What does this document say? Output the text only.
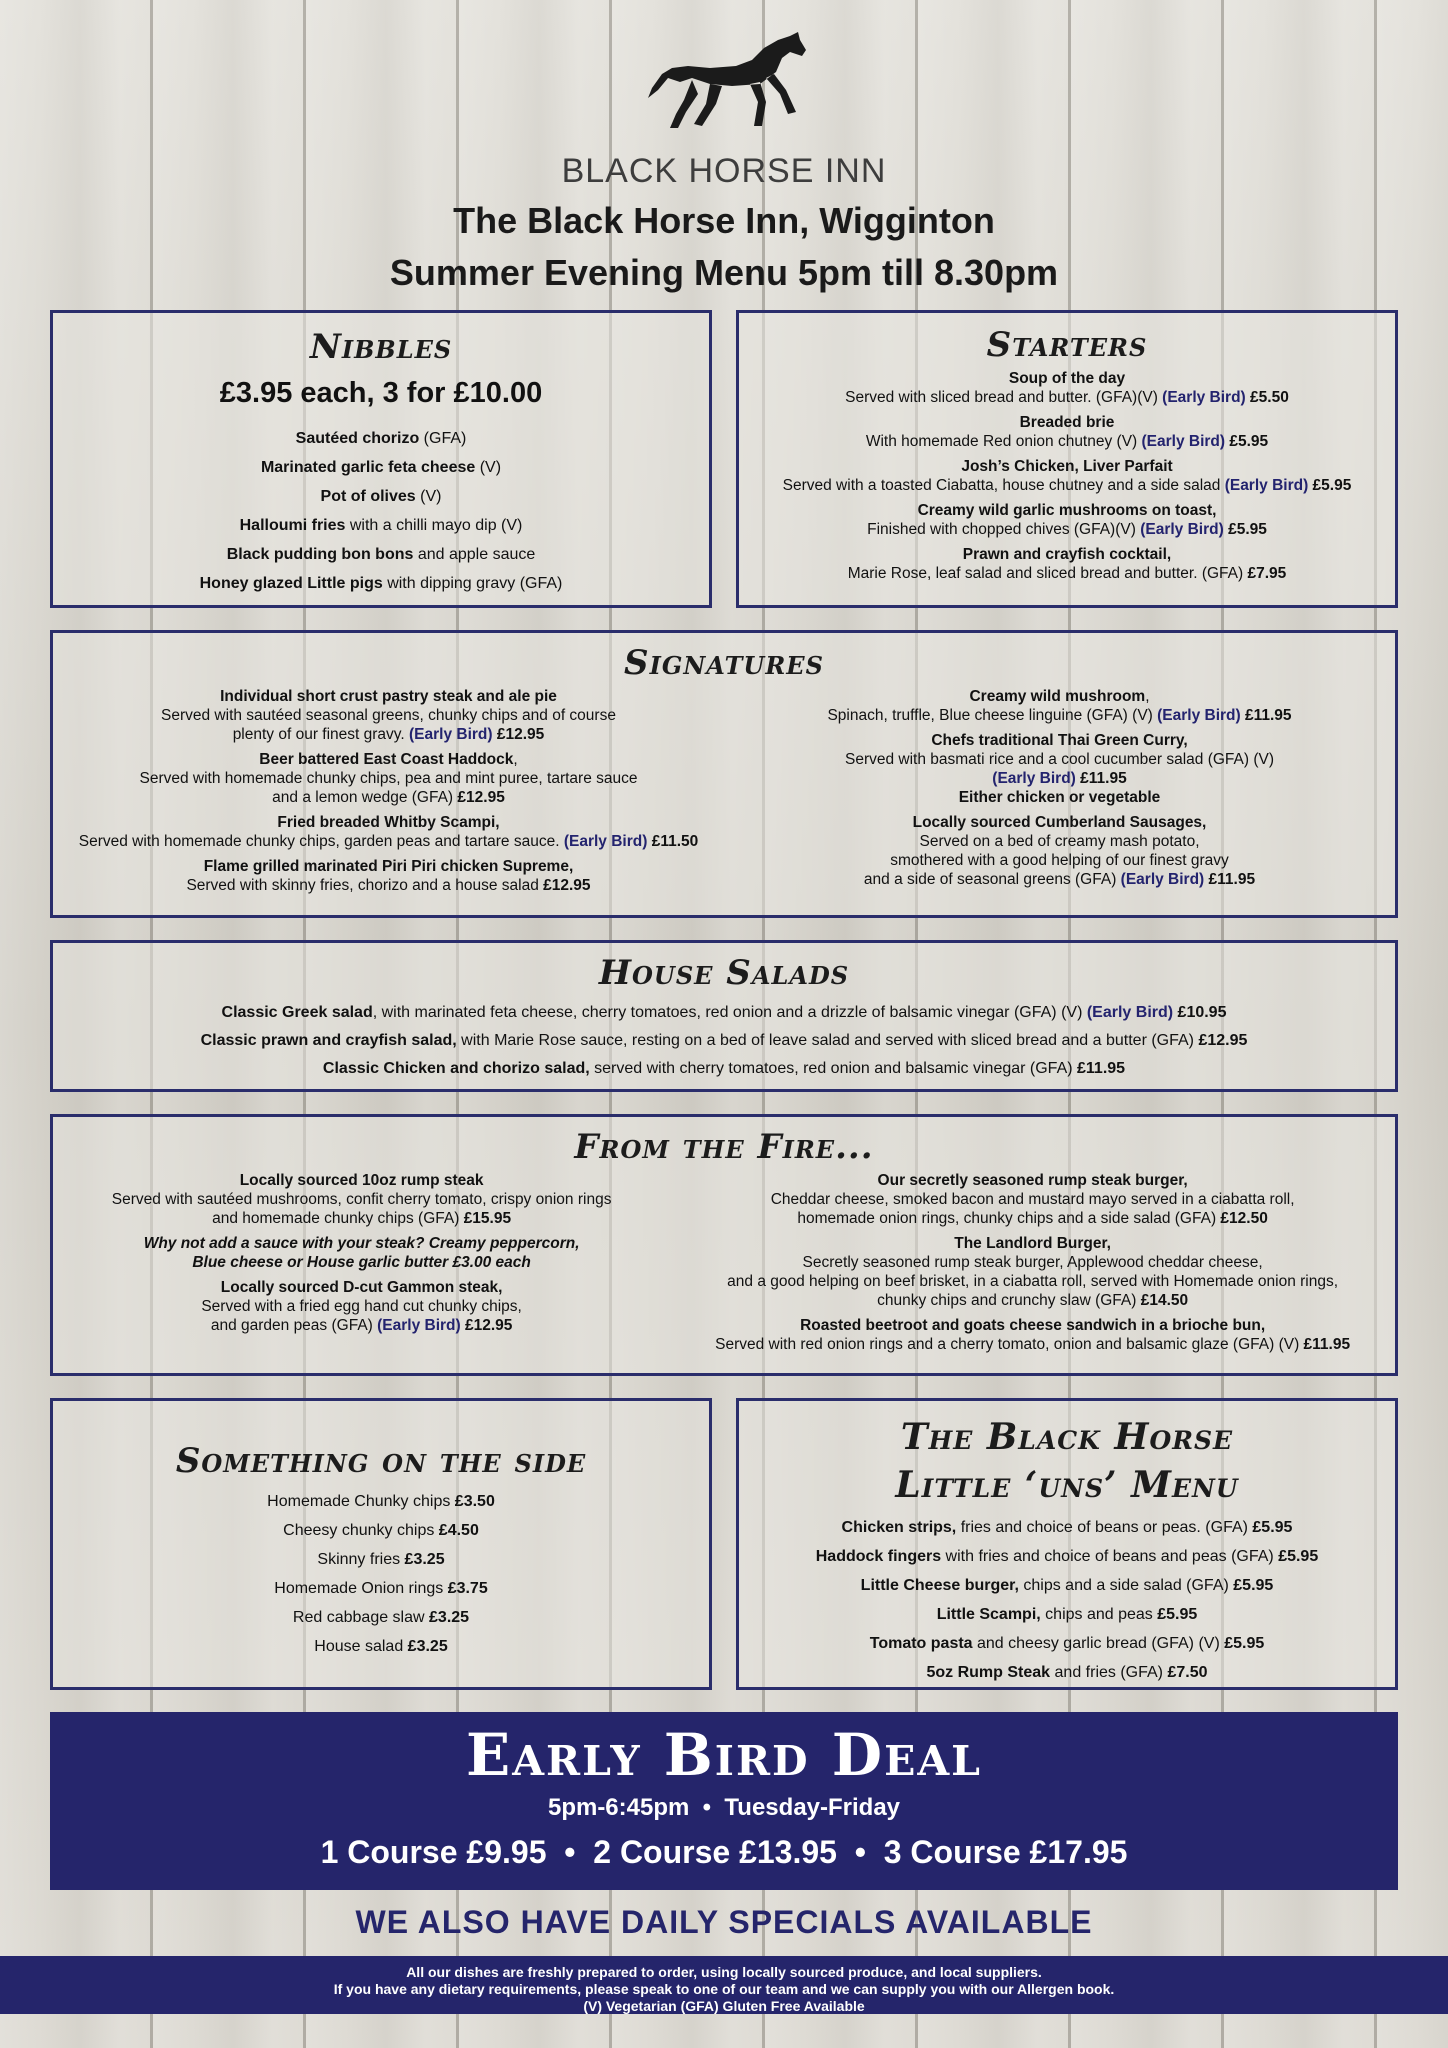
BLACK HORSE INN
The Black Horse Inn, Wigginton
Summer Evening Menu 5pm till 8.30pm
Nibbles
£3.95 each, 3 for £10.00
Sautéed chorizo (GFA)
Marinated garlic feta cheese (V)
Pot of olives (V)
Halloumi fries with a chilli mayo dip (V)
Black pudding bon bons and apple sauce
Honey glazed Little pigs with dipping gravy (GFA)
Starters
Soup of the day
Served with sliced bread and butter. (GFA)(V) (Early Bird) £5.50
Breaded brie
With homemade Red onion chutney (V) (Early Bird) £5.95
Josh’s Chicken, Liver Parfait
Served with a toasted Ciabatta, house chutney and a side salad (Early Bird) £5.95
Creamy wild garlic mushrooms on toast,
Finished with chopped chives (GFA)(V) (Early Bird) £5.95
Prawn and crayfish cocktail,
Marie Rose, leaf salad and sliced bread and butter. (GFA) £7.95
Signatures
Individual short crust pastry steak and ale pie
Served with sautéed seasonal greens, chunky chips and of course
plenty of our finest gravy. (Early Bird) £12.95
Beer battered East Coast Haddock,
Served with homemade chunky chips, pea and mint puree, tartare sauce
and a lemon wedge (GFA) £12.95
Fried breaded Whitby Scampi,
Served with homemade chunky chips, garden peas and tartare sauce. (Early Bird) £11.50
Flame grilled marinated Piri Piri chicken Supreme,
Served with skinny fries, chorizo and a house salad £12.95
Creamy wild mushroom,
Spinach, truffle, Blue cheese linguine (GFA) (V) (Early Bird) £11.95
Chefs traditional Thai Green Curry,
Served with basmati rice and a cool cucumber salad (GFA) (V)
(Early Bird) £11.95
Either chicken or vegetable
Locally sourced Cumberland Sausages,
Served on a bed of creamy mash potato,
smothered with a good helping of our finest gravy
and a side of seasonal greens (GFA) (Early Bird) £11.95
House Salads
Classic Greek salad, with marinated feta cheese, cherry tomatoes, red onion and a drizzle of balsamic vinegar (GFA) (V) (Early Bird) £10.95
Classic prawn and crayfish salad, with Marie Rose sauce, resting on a bed of leave salad and served with sliced bread and a butter (GFA) £12.95
Classic Chicken and chorizo salad, served with cherry tomatoes, red onion and balsamic vinegar (GFA) £11.95
From the Fire...
Locally sourced 10oz rump steak
Served with sautéed mushrooms, confit cherry tomato, crispy onion rings
and homemade chunky chips (GFA) £15.95
Why not add a sauce with your steak? Creamy peppercorn,
Blue cheese or House garlic butter £3.00 each
Locally sourced D-cut Gammon steak,
Served with a fried egg hand cut chunky chips,
and garden peas (GFA) (Early Bird) £12.95
Our secretly seasoned rump steak burger,
Cheddar cheese, smoked bacon and mustard mayo served in a ciabatta roll,
homemade onion rings, chunky chips and a side salad (GFA) £12.50
The Landlord Burger,
Secretly seasoned rump steak burger, Applewood cheddar cheese,
and a good helping on beef brisket, in a ciabatta roll, served with Homemade onion rings,
chunky chips and crunchy slaw (GFA) £14.50
Roasted beetroot and goats cheese sandwich in a brioche bun,
Served with red onion rings and a cherry tomato, onion and balsamic glaze (GFA) (V) £11.95
Something on the side
Homemade Chunky chips £3.50
Cheesy chunky chips £4.50
Skinny fries £3.25
Homemade Onion rings £3.75
Red cabbage slaw £3.25
House salad £3.25
The Black Horse
Little ‘uns’ Menu
Chicken strips, fries and choice of beans or peas. (GFA) £5.95
Haddock fingers with fries and choice of beans and peas (GFA) £5.95
Little Cheese burger, chips and a side salad (GFA) £5.95
Little Scampi, chips and peas £5.95
Tomato pasta and cheesy garlic bread (GFA) (V) £5.95
5oz Rump Steak and fries (GFA) £7.50
Early Bird Deal
5pm-6:45pm  •  Tuesday-Friday
1 Course £9.95  •  2 Course £13.95  •  3 Course £17.95
WE ALSO HAVE DAILY SPECIALS AVAILABLE
All our dishes are freshly prepared to order, using locally sourced produce, and local suppliers.
If you have any dietary requirements, please speak to one of our team and we can supply you with our Allergen book.
(V) Vegetarian (GFA) Gluten Free Available
